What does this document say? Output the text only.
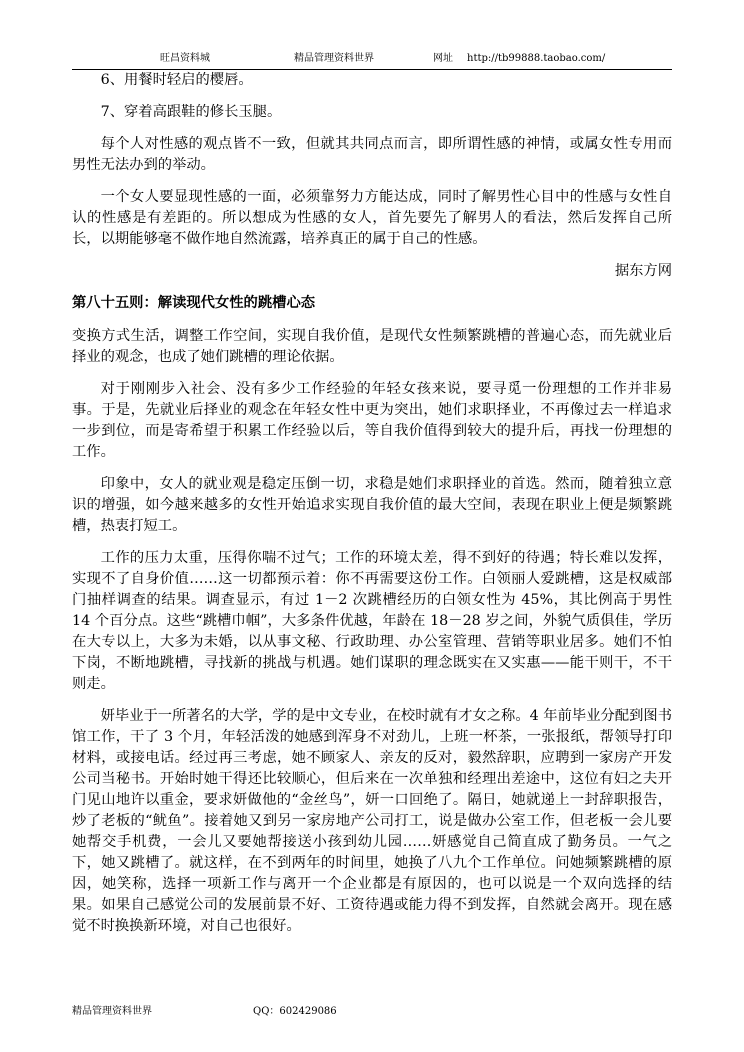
旺昌资料城	精品管理资料世界	网址 http://tb99888.taobao.com/

6、用餐时轻启的樱唇。

7、穿着高跟鞋的修长玉腿。

每个人对性感的观点皆不一致，但就其共同点而言，即所谓性感的神情，或属女性专用而男性无法办到的举动。

一个女人要显现性感的一面，必须靠努力方能达成，同时了解男性心目中的性感与女性自认的性感是有差距的。所以想成为性感的女人，首先要先了解男人的看法，然后发挥自己所长，以期能够毫不做作地自然流露，培养真正的属于自己的性感。

据东方网

第八十五则：解读现代女性的跳槽心态

变换方式生活，调整工作空间，实现自我价值，是现代女性频繁跳槽的普遍心态，而先就业后择业的观念，也成了她们跳槽的理论依据。

对于刚刚步入社会、没有多少工作经验的年轻女孩来说，要寻觅一份理想的工作并非易事。于是，先就业后择业的观念在年轻女性中更为突出，她们求职择业，不再像过去一样追求一步到位，而是寄希望于积累工作经验以后，等自我价值得到较大的提升后，再找一份理想的工作。

印象中，女人的就业观是稳定压倒一切，求稳是她们求职择业的首选。然而，随着独立意识的增强，如今越来越多的女性开始追求实现自我价值的最大空间，表现在职业上便是频繁跳槽，热衷打短工。

工作的压力太重，压得你喘不过气；工作的环境太差，得不到好的待遇；特长难以发挥，实现不了自身价值……这一切都预示着：你不再需要这份工作。白领丽人爱跳槽，这是权威部门抽样调查的结果。调查显示，有过 1－2 次跳槽经历的白领女性为 45%，其比例高于男性 14 个百分点。这些“跳槽巾帼”，大多条件优越，年龄在 18－28 岁之间，外貌气质俱佳，学历在大专以上，大多为未婚，以从事文秘、行政助理、办公室管理、营销等职业居多。她们不怕下岗，不断地跳槽，寻找新的挑战与机遇。她们谋职的理念既实在又实惠——能干则干，不干则走。

妍毕业于一所著名的大学，学的是中文专业，在校时就有才女之称。4 年前毕业分配到图书馆工作，干了 3 个月，年轻活泼的她感到浑身不对劲儿，上班一杯茶，一张报纸，帮领导打印材料，或接电话。经过再三考虑，她不顾家人、亲友的反对，毅然辞职，应聘到一家房产开发公司当秘书。开始时她干得还比较顺心，但后来在一次单独和经理出差途中，这位有妇之夫开门见山地许以重金，要求妍做他的“金丝鸟”，妍一口回绝了。隔日，她就递上一封辞职报告，炒了老板的“鱿鱼”。接着她又到另一家房地产公司打工，说是做办公室工作，但老板一会儿要她帮交手机费，一会儿又要她帮接送小孩到幼儿园……妍感觉自己简直成了勤务员。一气之下，她又跳槽了。就这样，在不到两年的时间里，她换了八九个工作单位。问她频繁跳槽的原因，她笑称，选择一项新工作与离开一个企业都是有原因的，也可以说是一个双向选择的结果。如果自己感觉公司的发展前景不好、工资待遇或能力得不到发挥，自然就会离开。现在感觉不时换换新环境，对自己也很好。

精品管理资料世界	QQ：602429086
